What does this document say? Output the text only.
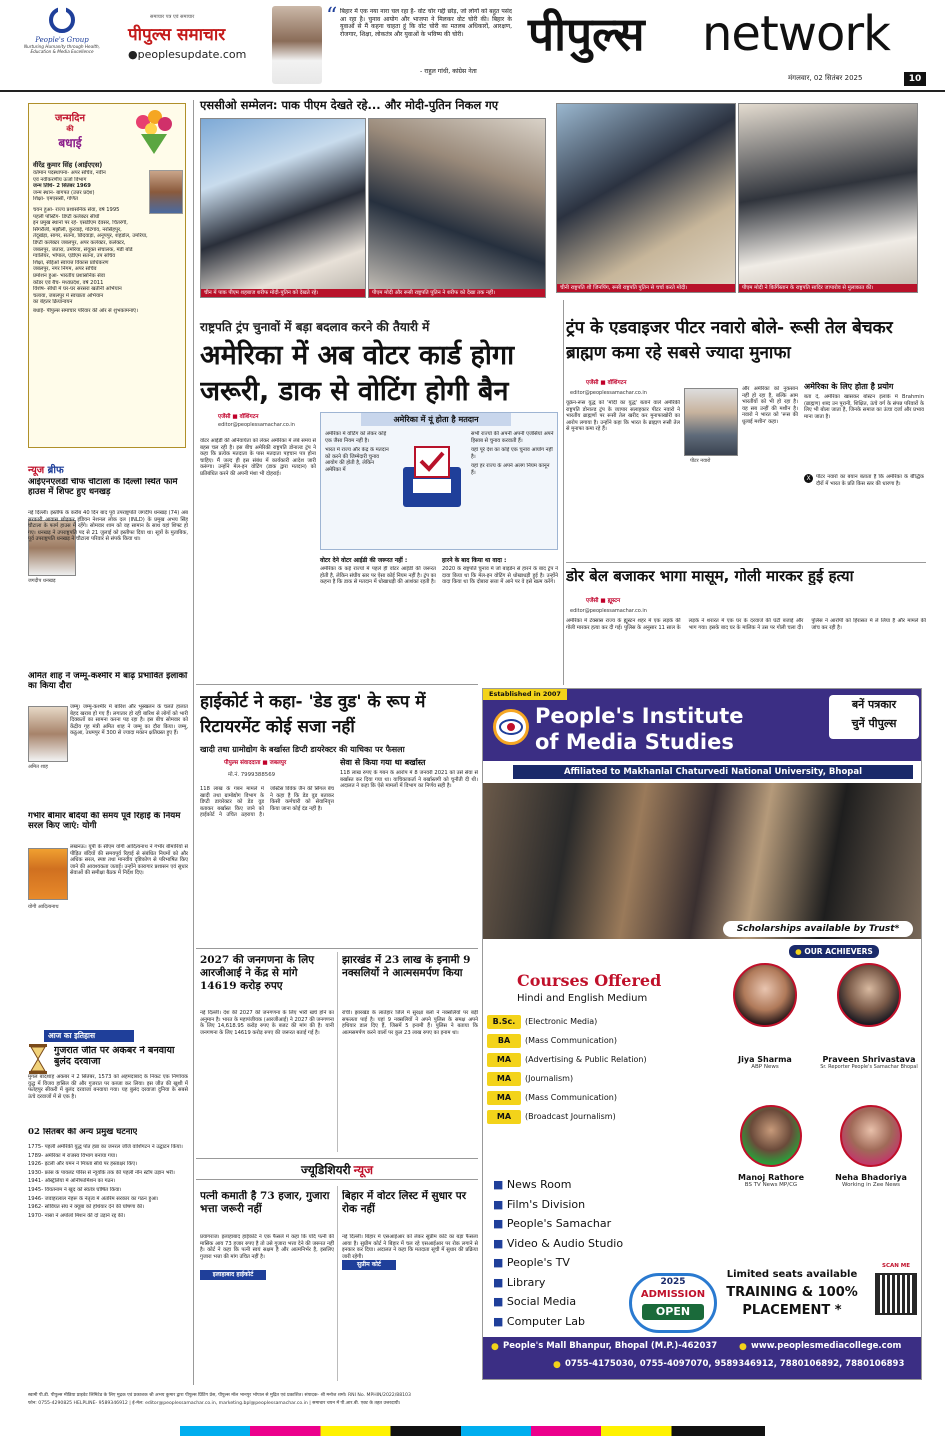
People's Group
Nurturing Humanity through Health, Education & Media Excellence
समाचार पत्र एवं समाचार
पीपुल्स समाचार
●peoplesupdate.com
“ बिहार में एक नया नारा चल रहा है- वोट चोर गद्दी छोड़, जो लोगों को बहुत पसंद आ रहा है। चुनाव आयोग और भाजपा ने मिलकर वोट चोरी की। बिहार के युवाओं से मैं कहना चाहता हूं कि वोट चोरी का मतलब अधिकारों, आरक्षण, रोजगार, शिक्षा, लोकतंत्र और युवाओं के भविष्य की चोरी।
- राहुल गांधी, कांग्रेस नेता
पीपुल्स network
मंगलवार, 02 सितंबर 2025	10
जन्मदिन
की
बधाई
वीरेंद्र कुमार सिंह (आईएएस)
वर्तमान पदस्थापना- अपर सचिव, नवीन
एवं नवीकरणीय ऊर्जा विभाग
जन्म तिथि- 2 सितंबर 1969
जन्म स्थान- बागपत (उत्तर प्रदेश)
शिक्षा- एमएससी, गणित
चयन हुआ- राज्य प्रशासनिक सेवा, वर्ष 1995
पहली पोस्टिंग- डिप्टी कलेक्टर सीधी
इन प्रमुख स्थानों पर रहे- एसडीएम देवसर, चितरंगी,
सिंगरौली, मझौली, कुरवाई, गोटेगांव, नरसिंहपुर,
तेंदूखेड़ा, सागर, सतना, छिंदवाड़ा, अनूपपुर, शहडोल, उमरिया,
डिप्टी कलेक्टर जबलपुर, अपर कलेक्टर, कलेक्टर,
जबलपुर, जतारा, उमरिया, संयुक्त संचालक, मंडी बोर्ड
ग्वालियर, भोपाल, एडीएम सतना, उप सचिव
शिक्षा, सीईओ स्वायत्त विकास प्राधिकरण
जबलपुर, नगर निगम, अपर सचिव
प्रमोशन हुआ- भारतीय प्रशासनिक सेवा
कॉडर एवं बैच- मध्यप्रदेश, वर्ष 2011
विशेष- सीधी में घर-घर सरसरा खतीनी अभियान
चलाया, जबलपुर में स्वच्छता अभियान
का बेहतर क्रियान्वयन
बधाई- पीपुल्स समाचार परिवार की ओर से शुभकामनाएं।
न्यूज ब्रीफ
आईएनएलडी चीफ चौटाला के दिल्ली स्थित फार्म हाउस में शिफ्ट हुए धनखड़
जगदीप धनखड़
नई दिल्ली। इस्तीफे के करीब 40 दिन बाद पूर्व उपराष्ट्रपति जगदीप धनखड़ (74) अब सरकारी आवास छोड़कर इंडियन नेशनल लोक दल (INLD) के प्रमुख अभय सिंह चौटाला के फार्म हाउस में रहेंगे। सोमवार शाम को वह सामान के साथ यहां शिफ्ट हो गए। धनखड़ ने उपराष्ट्रपति पद से 21 जुलाई को इस्तीफा दिया था। सूत्रों के मुताबिक, पूर्व उपराष्ट्रपति धनखड़ ने चौटाला परिवार से संपर्क किया था।
अमित शाह ने जम्मू-कश्मीर में बाढ़ प्रभावित इलाकों का किया दौरा
अमित शाह
जम्मू। जम्मू-कश्मीर में बारिश और भूस्खलन के चलते हालात बेहद खराब हो गए हैं। लगातार हो रही बारिश से लोगों को भारी दिक्कतों का सामना करना पड़ रहा है। इस बीच सोमवार को केंद्रीय गृह मंत्री अमित शाह ने जम्मू का दौरा किया। जम्मू, कठुआ, उधमपुर में 300 से ज्यादा मकान क्षतिग्रस्त हुए हैं।
गंभीर बीमार बंदियों की समय पूर्व रिहाई के नियम सरल किए जाएं: योगी
योगी आदित्यनाथ
लखनऊ। यूपी के सीएम योगी आदित्यनाथ ने गंभीर बीमारियों से पीड़ित बंदियों की समयपूर्व रिहाई से संबंधित नियमों को और अधिक सरल, स्पष्ट तथा मानवीय दृष्टिकोण से परिभाषित किए जाने की आवश्यकता जताई। उन्होंने कारागार प्रशासन एवं सुधार सेवाओं की समीक्षा बैठक में निर्देश दिए।
आज का इतिहास
गुजरात जीत पर अकबर ने बनवाया बुलंद दरवाजा
मुगल बादशाह अकबर ने 2 सितंबर, 1573 को अहमदाबाद के निकट एक निर्णायक युद्ध में विजय हासिल की और गुजरात पर कब्जा कर लिया। इस जीत की खुशी में फतेहपुर सीकरी में बुलंद दरवाजा बनवाया गया। यह बुलंद दरवाजा दुनिया के सबसे ऊंचे दरवाजों में से एक है।
02 सितंबर की अन्य प्रमुख घटनाएं
1775- पहली अमेरिकी युद्ध पोत हन्ना का जनरल जॉर्ज वाशिंगटन ने उद्घाटन किया।
1789- अमेरिका में राजस्व विभाग बनाया गया।
1926- इटली और यमन ने मित्रता संधि पर हस्ताक्षर किए।
1930- फ्रांस के पायलट पेरिस से न्यूयॉर्क तक की पहली नॉन स्टॉप उड़ान भरी।
1941- ऑस्ट्रेलिया में ओनीफार्मिशन का गठन।
1945- वियतनाम ने खुद को स्वतंत्र घोषित किया।
1946- जवाहरलाल नेहरू के नेतृत्व में अंतरिम सरकार का गठन हुआ।
1962- सोवियत संघ ने क्यूबा को हथियार देने की घोषणा की।
1970- नासा ने अपोलो मिशन की दो उड़ानें रद्द की।
एससीओ सम्मेलन: पाक पीएम देखते रहे... और मोदी-पुतिन निकल गए
चीन में पाक पीएम शहबाज शरीफ मोदी-पुतिन को देखते रहे।	पीएम मोदी और रूसी राष्ट्रपति पुतिन ने शरीफ को देखा तक नहीं।
चीनी राष्ट्रपति शी जिनपिंग, रूसी राष्ट्रपति पुतिन से चर्चा करते मोदी।	पीएम मोदी ने किर्गिस्तान के राष्ट्रपति सादिर जापारोव से मुलाकात की।
राष्ट्रपति ट्रंप चुनावों में बड़ा बदलाव करने की तैयारी में
अमेरिका में अब वोटर कार्ड होगा जरूरी, डाक से वोटिंग होगी बैन
एजेंसी ■ वॉशिंगटन
editor@peoplessamachar.co.in
अमेरिका में यूं होता है मतदान
अमेरिका में वोटिंग को लेकर कोई एक जैसा नियम नहीं है।
भारत में राज्य और केंद्र के मतदान को करने की जिम्मेदारी चुनाव आयोग की होती है, लेकिन अमेरिका में
सभी राज्यों की अपनी अपनी एजेंसियां अपने हिसाब से चुनाव करवाती हैं।
यहां पूरे देश का कोई एक चुनाव आयोग नहीं है।
यहां हर राज्य के अपने अलग नियम कानून हैं।
वोटर आईडी की अनिवार्यता को लेकर अमेरिका में लंबे समय से बहस चल रही है। इस बीच अमेरिकी राष्ट्रपति डोनाल्ड ट्रंप ने कहा कि प्रत्येक मतदाता के पास मतदाता पहचान पत्र होना चाहिए। मैं जल्द ही इस संबंध में कार्यकारी आदेश जारी करूंगा। उन्होंने मेल-इन वोटिंग (डाक द्वारा मतदान) को प्रतिबंधित करने की अपनी मंशा भी दोहराई।
वोटर देने वोटर आईडी की जरूरत नहीं :
अमेरिका के कई राज्यों में पहले ही वोटर आईडी की जरूरत होती है, लेकिन संघीय स्तर पर ऐसा कोई नियम नहीं है। ट्रंप का कहना है कि डाक से मतदान में धोखाधड़ी की आशंका रहती है।
हारने के बाद किया था वादा :
2020 के राष्ट्रपति चुनाव में जो बाइडेन से हारने के बाद ट्रंप ने दावा किया था कि मेल-इन वोटिंग से धोखाधड़ी हुई है। उन्होंने वादा किया था कि दोबारा सत्ता में आने पर वे इसे खत्म करेंगे।
ट्रंप के एडवाइजर पीटर नवारो बोले- रूसी तेल बेचकर ब्राह्मण कमा रहे सबसे ज्यादा मुनाफा
एजेंसी ■ वॉशिंगटन
editor@peoplessamachar.co.in
यूक्रेन-रूस युद्ध को 'मोदी का युद्ध' बताने वाले अमेरिकी राष्ट्रपति डोनाल्ड ट्रंप के व्यापार सलाहकार पीटर नवारो ने भारतीय ब्राह्मणों पर रूसी तेल खरीद कर मुनाफाखोरी का आरोप लगाया है। उन्होंने कहा कि भारत के ब्राह्मण रूसी तेल से मुनाफा कमा रहे हैं।
पीटर नवारो
और अमेरिका को नुकसान नहीं हो रहा है, बल्कि आम भारतीयों को भी हो रहा है। यह सब उन्हीं की मशीन है। नवारो ने भारत को 'रूस की धुलाई मशीन' कहा।
अमेरिका के लिए होता है प्रयोग
बता दें, अमेरिका खासकर बोस्टन इलाके में Brahmin (ब्राह्मण) शब्द उन पुरानी, शिक्षित, ऊंचे वर्ग के संपन्न परिवारों के लिए भी बोला जाता है, जिनके समाज का ऊंचा दर्जा और प्रभाव माना जाता है।
X	पीटर नवारो का बयान बताता है कि अमेरिका के बौद्धिक दौरों में भारत के प्रति किस स्तर की धारणा है।
डोर बेल बजाकर भागा मासूम, गोली मारकर हुई हत्या
एजेंसी ■ ह्यूस्टन
editor@peoplessamachar.co.in
अमेरिका में टेक्सास राज्य के ह्यूस्टन शहर में एक लड़के की गोली मारकर हत्या कर दी गई। पुलिस के अनुसार 11 साल के लड़के ने शरारत में एक घर के दरवाजे की घंटी बजाई और भाग गया। इसके बाद घर के मालिक ने उस पर गोली चला दी। पुलिस ने आरोपी को हिरासत में ले लिया है और मामले की जांच कर रही है।
हाईकोर्ट ने कहा- 'डेड वुड' के रूप में रिटायरमेंट कोई सजा नहीं
खादी तथा ग्रामोद्योग के बर्खास्त डिप्टी डायरेक्टर की याचिका पर फैसला
पीपुल्स संवाददाता ■ जबलपुर
मो.नं. 7999388569
118 लाख के गबन मामले में खादी तथा ग्रामोद्योग विभाग के डिप्टी डायरेक्टर को डेड वुड बताकर बर्खास्त किए जाने को हाईकोर्ट ने उचित ठहराया है। जस्टिस विवेक जैन की सिंगल बेंच ने कहा है कि डेड वुड बताकर किसी कर्मचारी को सेवानिवृत्त किया जाना कोई दंड नहीं है।
सेवा से किया गया था बर्खास्त
118 लाख रुपए के गबन के आरोप में 8 जनवरी 2021 को उसे सेवा से बर्खास्त कर दिया गया था। याचिकाकर्ता ने बर्खास्तगी को चुनौती दी थी। अदालत ने कहा कि ऐसे मामलों में विभाग का निर्णय सही है।
2027 की जनगणना के लिए आरजीआई ने केंद्र से मांगे 14619 करोड़ रुपए
नई दिल्ली। देश की 2027 की जनगणना के लिए भारी खर्च होने का अनुमान है। भारत के महापंजीयक (आरजीआई) ने 2027 की जनगणना के लिए 14,618.95 करोड़ रुपए के बजट की मांग की है। यानी जनगणना के लिए 14619 करोड़ रुपए की जरूरत बताई गई है।
झारखंड में 23 लाख के इनामी 9 नक्सलियों ने आत्मसमर्पण किया
रांची। झारखंड के लातेहार जिले में सुरक्षा बलों ने नक्सलियों पर बड़ी सफलता पाई है। यहां 9 नक्सलियों ने अपने पुलिस के समक्ष अपने हथियार डाल दिए हैं, जिसमें 5 इनामी हैं। पुलिस ने बताया कि आत्मसमर्पण करने वालों पर कुल 23 लाख रुपए का इनाम था।
ज्यूडिशियरी न्यूज
पत्नी कमाती है 73 हजार, गुजारा भत्ता जरूरी नहीं
प्रयागराज। इलाहाबाद हाईकोर्ट ने एक फैसले में कहा कि यदि पत्नी की मासिक आय 73 हजार रुपए है तो उसे गुजारा भत्ता देने की जरूरत नहीं है। कोर्ट ने कहा कि पत्नी स्वयं सक्षम है और आत्मनिर्भर है, इसलिए गुजारा भत्ता की मांग उचित नहीं है।
इलाहाबाद हाईकोर्ट
बिहार में वोटर लिस्ट में सुधार पर रोक नहीं
नई दिल्ली। बिहार में एसआईआर को लेकर सुप्रीम कोर्ट का बड़ा फैसला आया है। सुप्रीम कोर्ट ने बिहार में चल रहे एसआईआर पर रोक लगाने से इनकार कर दिया। अदालत ने कहा कि मतदाता सूची में सुधार की प्रक्रिया जारी रहेगी।
सुप्रीम कोर्ट
Established in 2007
People's Institute
of Media Studies
बनें पत्रकार
चुनें पीपुल्स
Affiliated to Makhanlal Chaturvedi National University, Bhopal
Scholarships available by Trust*
● OUR ACHIEVERS
Courses Offered
Hindi and English Medium
B.Sc.	(Electronic Media)
BA	(Mass Communication)
MA	(Advertising & Public Relation)
MA	(Journalism)
MA	(Mass Communication)
MA	(Broadcast Journalism)
Jiya Sharma
ABP News
Praveen Shrivastava
Sr. Reporter People's Samachar Bhopal
Manoj Rathore
BS TV News MP/CG
Neha Bhadoriya
Working in Zee News
■ News Room
■ Film's Division
■ People's Samachar
■ Video & Audio Studio
■ People's TV
■ Library
■ Social Media
■ Computer Lab
2025
ADMISSION
OPEN
Limited seats available
TRAINING & 100%
PLACEMENT *
SCAN ME
● People's Mall Bhanpur, Bhopal (M.P.)-462037 ● www.peoplesmediacollege.com
● 0755-4175030, 0755-4097070, 9589346912, 7880106892, 7880106893
स्वामी पी.डी. पीपुल्स मीडिया प्राइवेट लिमिटेड के लिए मुद्रक एवं प्रकाशक श्री अभय कुमार द्वारा पीपुल्स प्रिंटिंग प्रेस, पीपुल्स मॉल भानपुर भोपाल से मुद्रित एवं प्रकाशित। संपादक- श्री मनोज शर्मा। RNI No. MPHIN/2022/88103
फोन: 0755-4290825 HELPLINE- 9589346912 | ई-मेल: editor@peoplessamachar.co.in, marketing.bpl@peoplessamachar.co.in | समाचार चयन में पी.आर.बी. एक्ट के तहत उत्तरदायी।
